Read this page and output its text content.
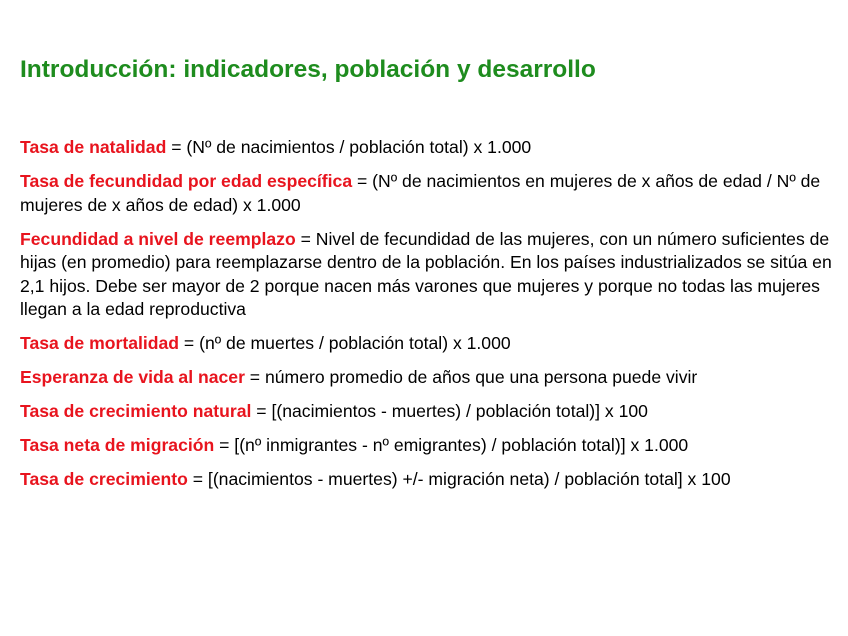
Introducción: indicadores, población y desarrollo

Tasa de natalidad = (Nº de nacimientos / población total) x 1.000

Tasa de fecundidad por edad específica = (Nº de nacimientos en mujeres de x años de edad / Nº de mujeres de x años de edad) x 1.000

Fecundidad a nivel de reemplazo = Nivel de fecundidad de las mujeres, con un número suficientes de hijas (en promedio) para reemplazarse dentro de la población. En los países industrializados se sitúa en 2,1 hijos. Debe ser mayor de 2 porque nacen más varones que mujeres y porque no todas las mujeres llegan a la edad reproductiva

Tasa de mortalidad = (nº de muertes / población total) x 1.000

Esperanza de vida al nacer = número promedio de años que una persona puede vivir

Tasa de crecimiento natural = [(nacimientos - muertes) / población total)] x 100

Tasa neta de migración = [(nº inmigrantes - nº emigrantes) / población total)] x 1.000

Tasa de crecimiento = [(nacimientos - muertes) +/- migración neta) / población total] x 100
